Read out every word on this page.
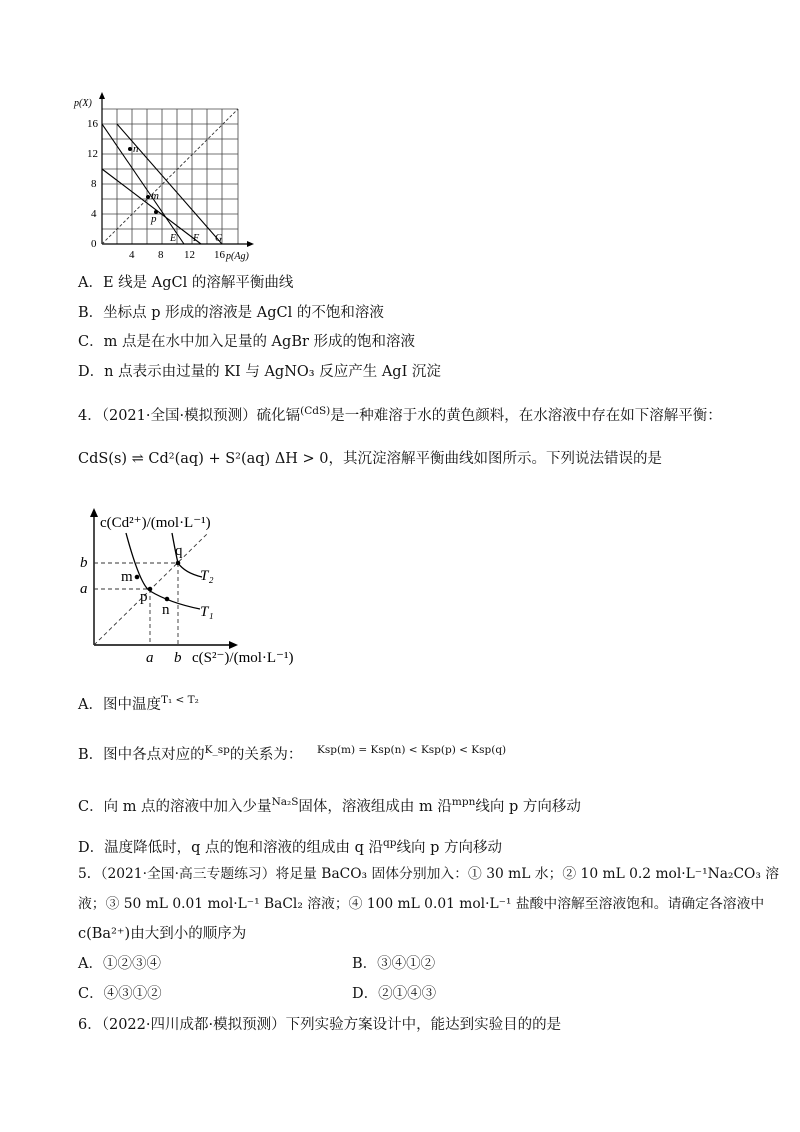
n
m
p
16
12
8
4
0
4 8 12 16
E F G
p(X)
p(Ag)
A．E 线是 AgCl 的溶解平衡曲线
B．坐标点 p 形成的溶液是 AgCl 的不饱和溶液
C．m 点是在水中加入足量的 AgBr 形成的饱和溶液
D．n 点表示由过量的 KI 与 AgNO₃ 反应产生 AgI 沉淀
4．（2021·全国·模拟预测）硫化镉$^{(CdS)}$是一种难溶于水的黄色颜料，在水溶液中存在如下溶解平衡：
CdS(s) ⇌ Cd²(aq) + S²(aq) ΔH > 0，其沉淀溶解平衡曲线如图所示。下列说法错误的是
q
m
p
n
T₂
T₁
b
a
a b
c(Cd²⁺)/(mol·L⁻¹)
c(S²⁻)/(mol·L⁻¹)
A．图中温度$^{T_1 < T_2}$
B．图中各点对应的$^{K\_sp}$的关系为： $^{Ksp(m) = Ksp(n) < Ksp(p) < Ksp(q)}$
C．向 m 点的溶液中加入少量$^{Na_2S}$固体，溶液组成由 m 沿$^{mpn}$线向 p 方向移动
D．温度降低时，q 点的饱和溶液的组成由 q 沿$^{qp}$线向 p 方向移动
5．（2021·全国·高三专题练习）将足量 BaCO₃ 固体分别加入：① 30 mL 水；② 10 mL 0.2 mol·L⁻¹Na₂CO₃ 溶
液；③ 50 mL 0.01 mol·L⁻¹ BaCl₂ 溶液；④ 100 mL 0.01 mol·L⁻¹ 盐酸中溶解至溶液饱和。请确定各溶液中
c(Ba²⁺)由大到小的顺序为
A．①②③④	B．③④①②
C．④③①②	D．②①④③
6．（2022·四川成都·模拟预测）下列实验方案设计中，能达到实验目的的是
